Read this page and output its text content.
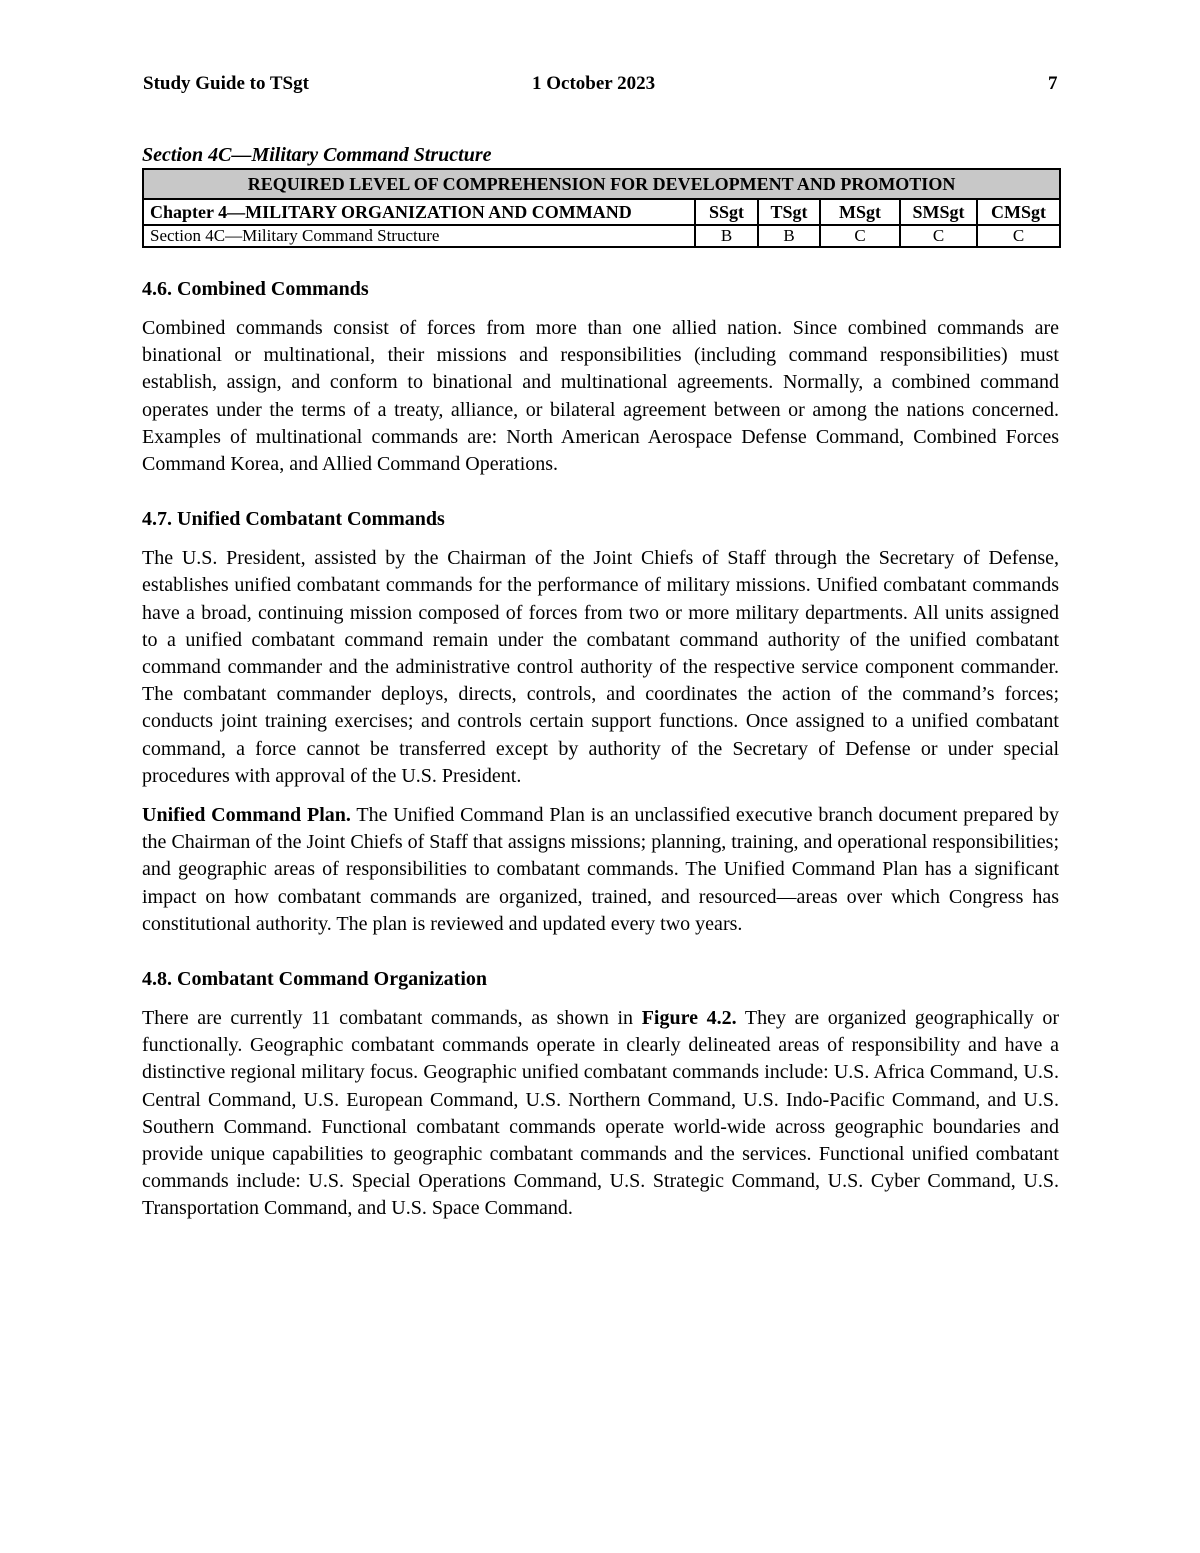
Study Guide to TSgt	1 October 2023	7
Section 4C—Military Command Structure
REQUIRED LEVEL OF COMPREHENSION FOR DEVELOPMENT AND PROMOTION					
Chapter 4—MILITARY ORGANIZATION AND COMMAND	SSgt	TSgt	MSgt	SMSgt	CMSgt
Section 4C—Military Command Structure	B	B	C	C	C
4.6. Combined Commands

Combined commands consist of forces from more than one allied nation. Since combined commands are binational or multinational, their missions and responsibilities (including command responsibilities) must establish, assign, and conform to binational and multinational agreements. Normally, a combined command operates under the terms of a treaty, alliance, or bilateral agreement between or among the nations concerned. Examples of multinational commands are: North American Aerospace Defense Command, Combined Forces Command Korea, and Allied Command Operations.

4.7. Unified Combatant Commands

The U.S. President, assisted by the Chairman of the Joint Chiefs of Staff through the Secretary of Defense, establishes unified combatant commands for the performance of military missions. Unified combatant commands have a broad, continuing mission composed of forces from two or more military departments. All units assigned to a unified combatant command remain under the combatant command authority of the unified combatant command commander and the administrative control authority of the respective service component commander. The combatant commander deploys, directs, controls, and coordinates the action of the command’s forces; conducts joint training exercises; and controls certain support functions. Once assigned to a unified combatant command, a force cannot be transferred except by authority of the Secretary of Defense or under special procedures with approval of the U.S. President.

Unified Command Plan. The Unified Command Plan is an unclassified executive branch document prepared by the Chairman of the Joint Chiefs of Staff that assigns missions; planning, training, and operational responsibilities; and geographic areas of responsibilities to combatant commands. The Unified Command Plan has a significant impact on how combatant commands are organized, trained, and resourced—areas over which Congress has constitutional authority. The plan is reviewed and updated every two years.

4.8. Combatant Command Organization

There are currently 11 combatant commands, as shown in Figure 4.2. They are organized geographically or functionally. Geographic combatant commands operate in clearly delineated areas of responsibility and have a distinctive regional military focus. Geographic unified combatant commands include: U.S. Africa Command, U.S. Central Command, U.S. European Command, U.S. Northern Command, U.S. Indo-Pacific Command, and U.S. Southern Command. Functional combatant commands operate world-wide across geographic boundaries and provide unique capabilities to geographic combatant commands and the services. Functional unified combatant commands include: U.S. Special Operations Command, U.S. Strategic Command, U.S. Cyber Command, U.S. Transportation Command, and U.S. Space Command.
